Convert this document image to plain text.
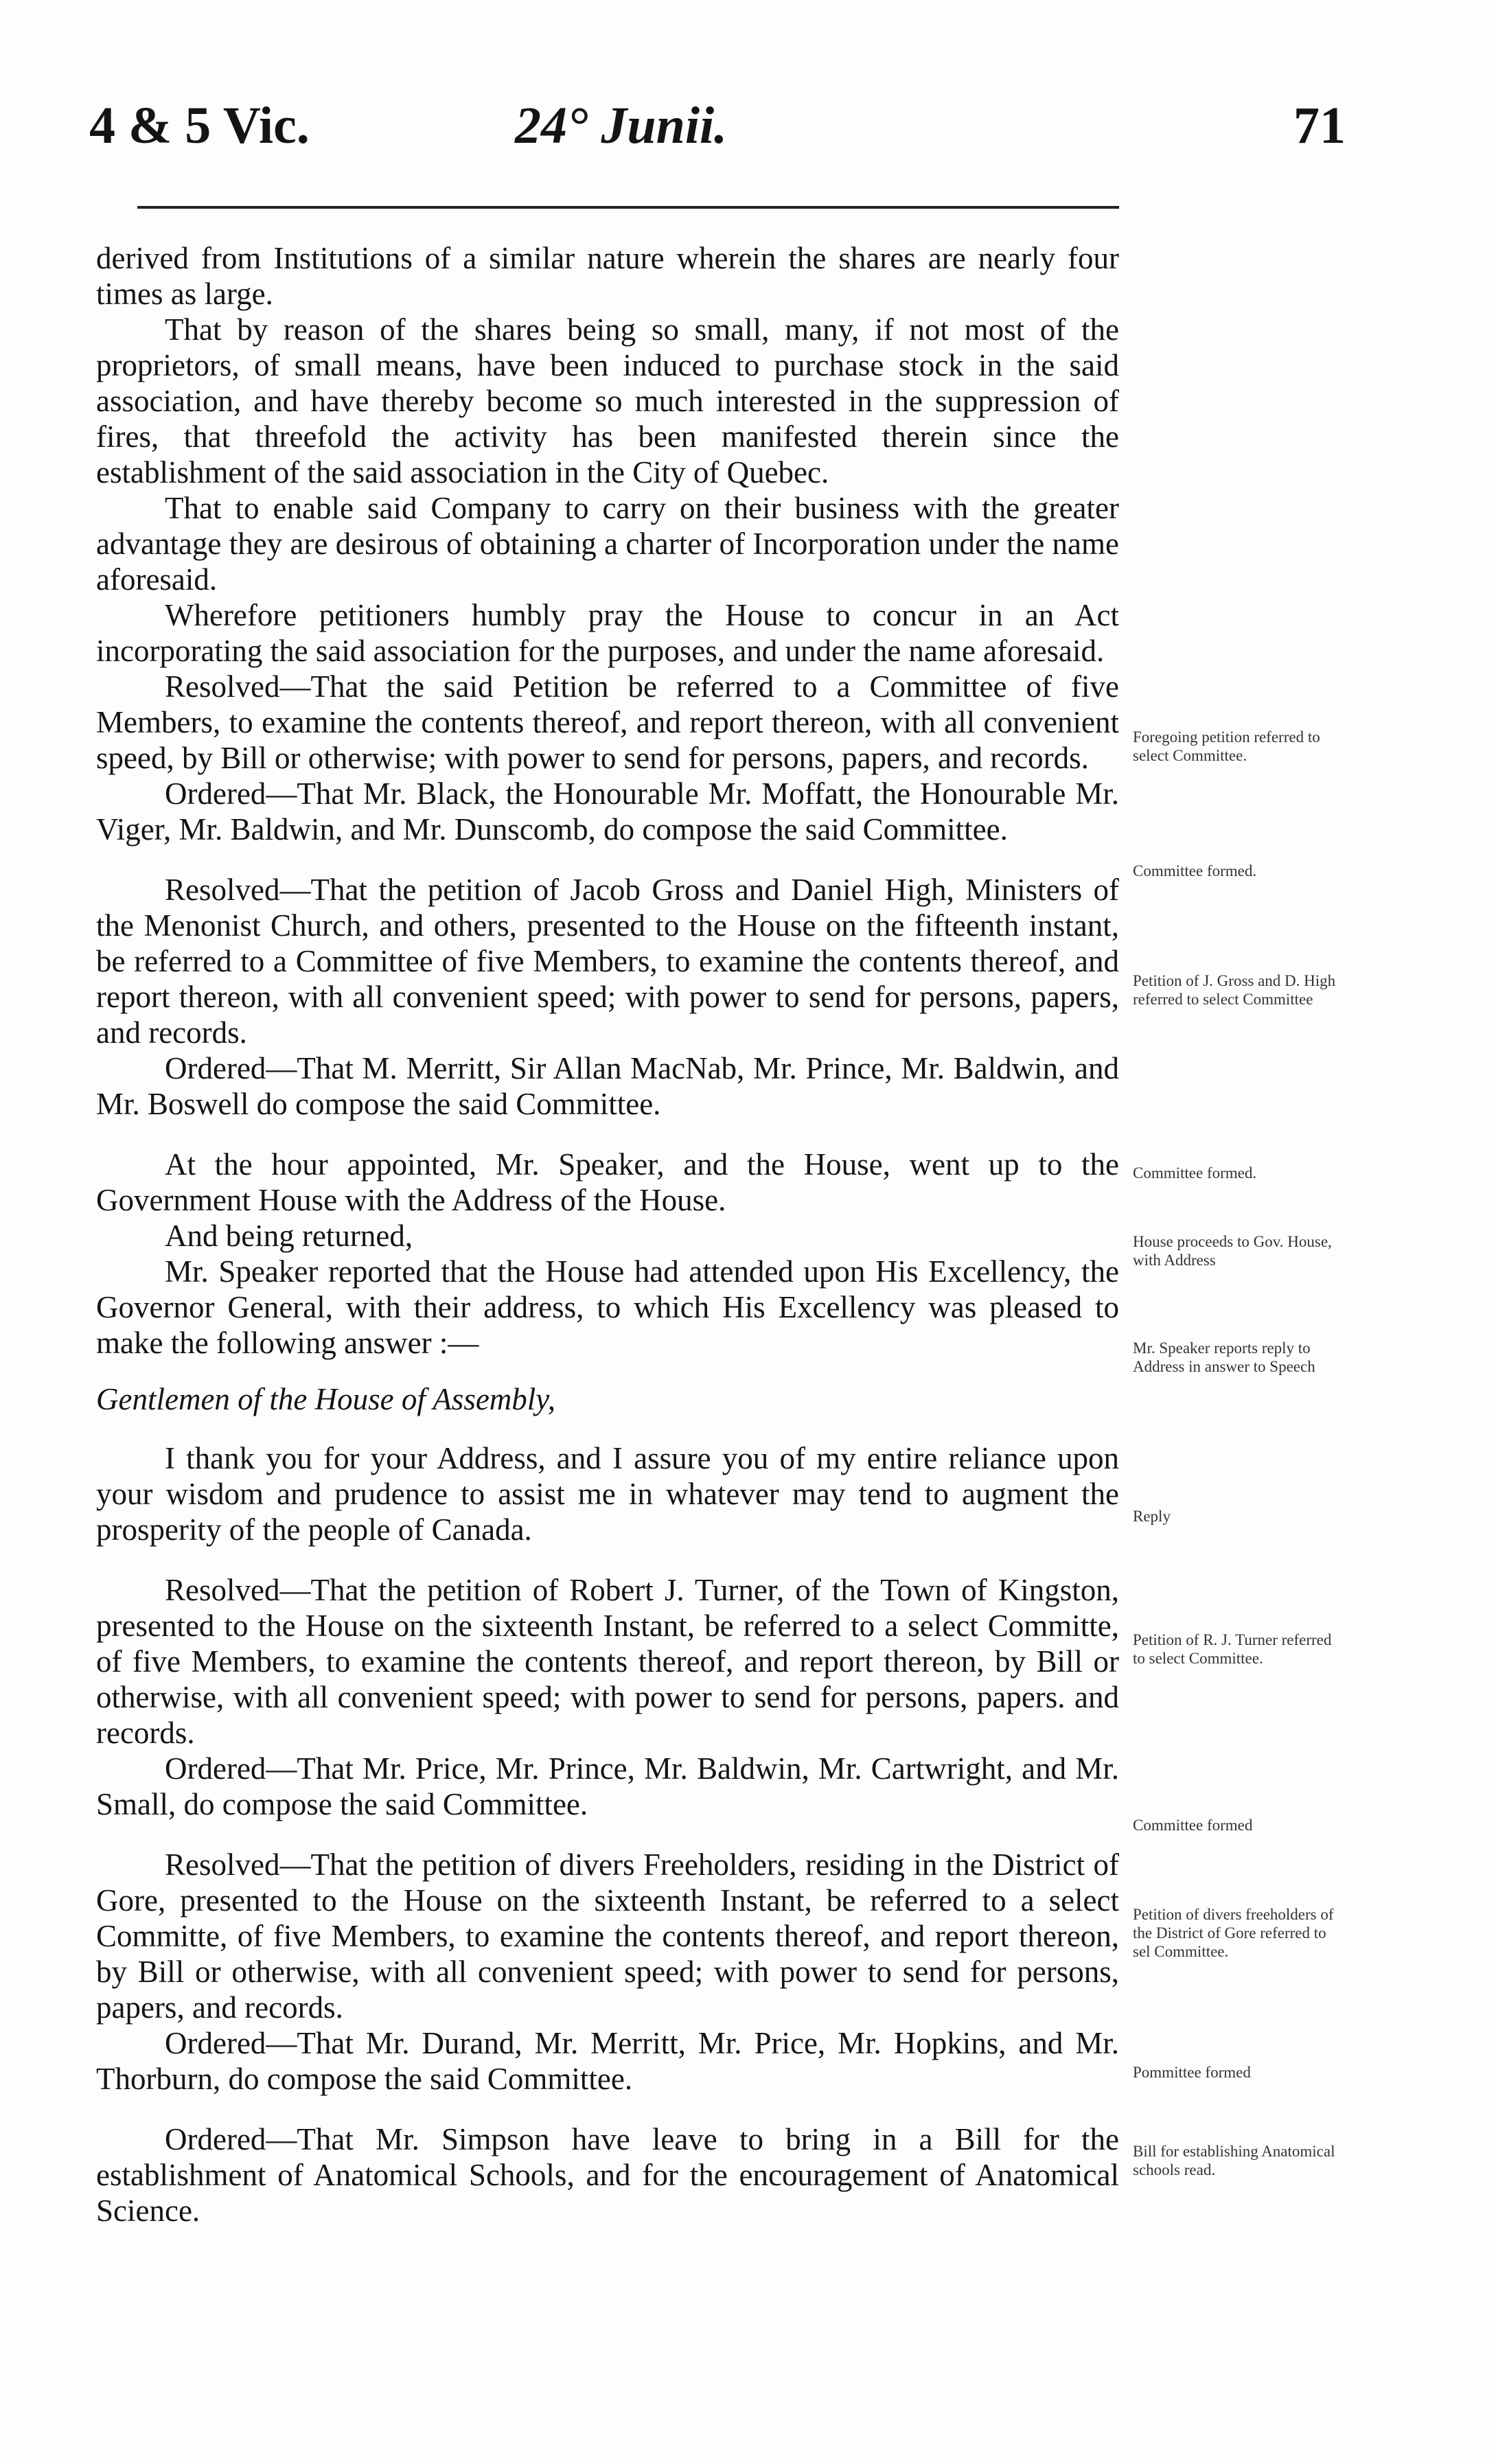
4 & 5 Vic.	24° Junii.	71

derived from Institutions of a similar nature wherein the shares are nearly four times as large.

That by reason of the shares being so small, many, if not most of the proprietors, of small means, have been induced to purchase stock in the said association, and have thereby become so much interested in the suppression of fires, that threefold the activity has been manifested therein since the establishment of the said association in the City of Quebec.

That to enable said Company to carry on their business with the greater advantage they are desirous of obtaining a charter of Incorporation under the name aforesaid.

Wherefore petitioners humbly pray the House to concur in an Act incorporating the said association for the purposes, and under the name aforesaid.

Resolved—That the said Petition be referred to a Committee of five Members, to examine the contents thereof, and report thereon, with all convenient speed, by Bill or otherwise; with power to send for persons, papers, and records.

Ordered—That Mr. Black, the Honourable Mr. Moffatt, the Honourable Mr. Viger, Mr. Baldwin, and Mr. Dunscomb, do compose the said Committee.

Resolved—That the petition of Jacob Gross and Daniel High, Ministers of the Menonist Church, and others, presented to the House on the fifteenth instant, be referred to a Committee of five Members, to examine the contents thereof, and report thereon, with all convenient speed; with power to send for persons, papers, and records.

Ordered—That M. Merritt, Sir Allan MacNab, Mr. Prince, Mr. Baldwin, and Mr. Boswell do compose the said Committee.

At the hour appointed, Mr. Speaker, and the House, went up to the Government House with the Address of the House.

And being returned,

Mr. Speaker reported that the House had attended upon His Excellency, the Governor General, with their address, to which His Excellency was pleased to make the following answer :—

Gentlemen of the House of Assembly,

I thank you for your Address, and I assure you of my entire reliance upon your wisdom and prudence to assist me in whatever may tend to augment the prosperity of the people of Canada.

Resolved—That the petition of Robert J. Turner, of the Town of Kingston, presented to the House on the sixteenth Instant, be referred to a select Committe, of five Members, to examine the contents thereof, and report thereon, by Bill or otherwise, with all convenient speed; with power to send for persons, papers. and records.

Ordered—That Mr. Price, Mr. Prince, Mr. Baldwin, Mr. Cartwright, and Mr. Small, do compose the said Committee.

Resolved—That the petition of divers Freeholders, residing in the District of Gore, presented to the House on the sixteenth Instant, be referred to a select Committe, of five Members, to examine the contents thereof, and report thereon, by Bill or otherwise, with all convenient speed; with power to send for persons, papers, and records.

Ordered—That Mr. Durand, Mr. Merritt, Mr. Price, Mr. Hopkins, and Mr. Thorburn, do compose the said Committee.

Ordered—That Mr. Simpson have leave to bring in a Bill for the establishment of Anatomical Schools, and for the encouragement of Anatomical Science.

Foregoing petition referred to select Committee.
Committee formed.
Petition of J. Gross and D. High referred to select Committee
Committee formed.
House proceeds to Gov. House, with Address
Mr. Speaker reports reply to Address in answer to Speech
Reply
Petition of R. J. Turner referred to select Committee.
Committee formed
Petition of divers freeholders of the District of Gore referred to sel Committee.
Pommittee formed
Bill for establishing Anatomical schools read.
